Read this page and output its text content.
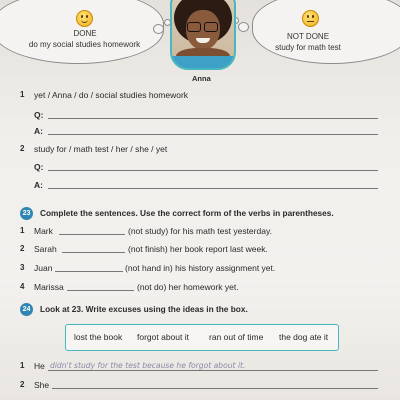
DONE
do my social studies homework
NOT DONE
study for math test
Anna
1 yet / Anna / do / social studies homework
Q:
A:
2 study for / math test / her / she / yet
Q:
A:
23	Complete the sentences. Use the correct form of the verbs in parentheses.
1 Mark	(not study) for his math test yesterday.
2 Sarah	(not finish) her book report last week.
3 Juan	(not hand in) his history assignment yet.
4 Marissa	(not do) her homework yet.
24	Look at 23. Write excuses using the ideas in the box.
lost the book forgot about it ran out of time the dog ate it
1 He didn't study for the test because he forgot about it.
2 She
